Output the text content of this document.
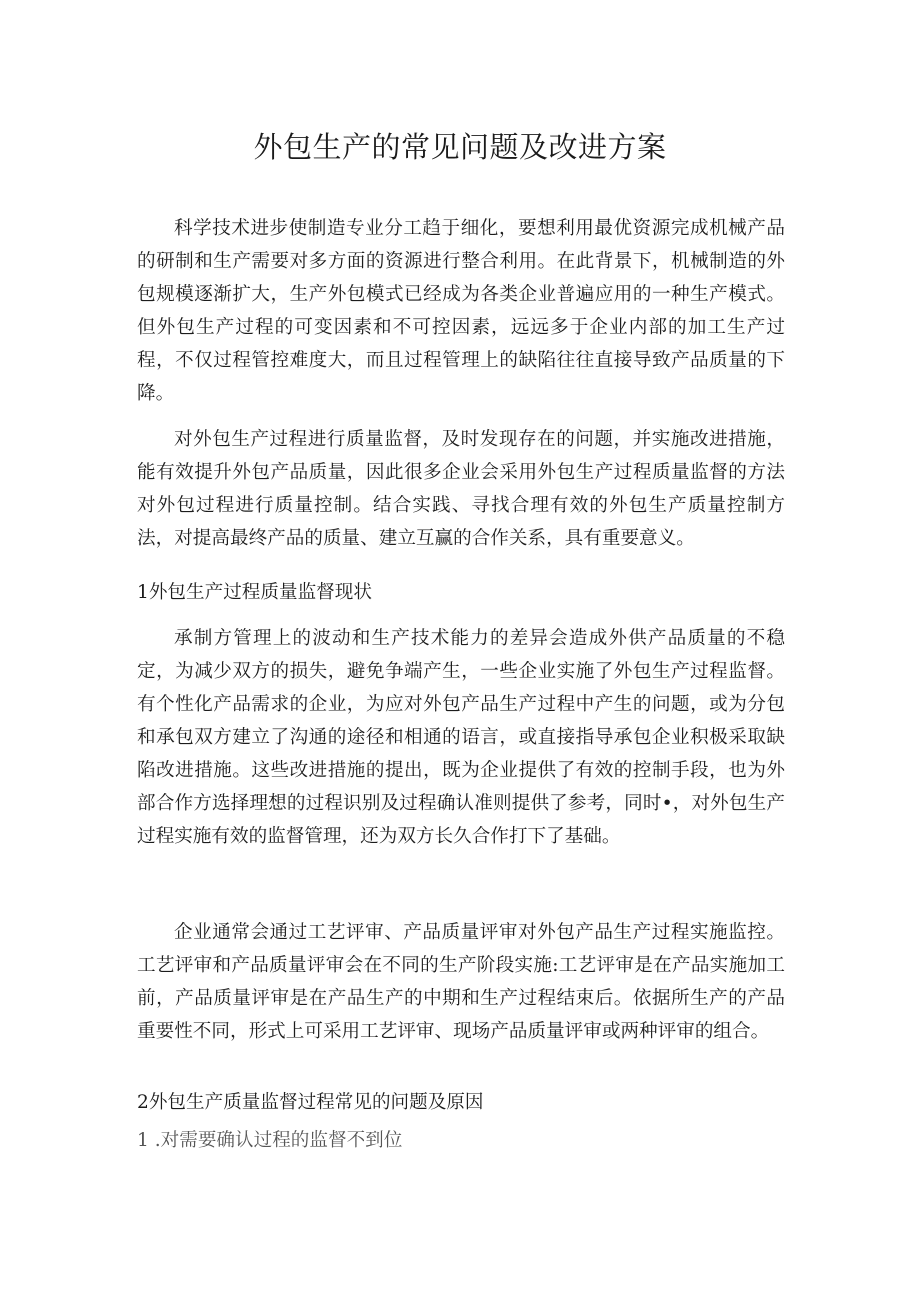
外包生产的常见问题及改进方案

科学技术进步使制造专业分工趋于细化，要想利用最优资源完成机械产品的研制和生产需要对多方面的资源进行整合利用。在此背景下，机械制造的外包规模逐渐扩大，生产外包模式已经成为各类企业普遍应用的一种生产模式。但外包生产过程的可变因素和不可控因素，远远多于企业内部的加工生产过程，不仅过程管控难度大，而且过程管理上的缺陷往往直接导致产品质量的下降。

对外包生产过程进行质量监督，及时发现存在的问题，并实施改进措施，能有效提升外包产品质量，因此很多企业会采用外包生产过程质量监督的方法对外包过程进行质量控制。结合实践、寻找合理有效的外包生产质量控制方法，对提高最终产品的质量、建立互赢的合作关系，具有重要意义。

1外包生产过程质量监督现状

承制方管理上的波动和生产技术能力的差异会造成外供产品质量的不稳定，为减少双方的损失，避免争端产生，一些企业实施了外包生产过程监督。有个性化产品需求的企业，为应对外包产品生产过程中产生的问题，或为分包和承包双方建立了沟通的途径和相通的语言，或直接指导承包企业积极采取缺陷改进措施。这些改进措施的提出，既为企业提供了有效的控制手段，也为外部合作方选择理想的过程识别及过程确认准则提供了参考，同时•，对外包生产过程实施有效的监督管理，还为双方长久合作打下了基础。

企业通常会通过工艺评审、产品质量评审对外包产品生产过程实施监控。工艺评审和产品质量评审会在不同的生产阶段实施:工艺评审是在产品实施加工前，产品质量评审是在产品生产的中期和生产过程结束后。依据所生产的产品重要性不同，形式上可采用工艺评审、现场产品质量评审或两种评审的组合。

2外包生产质量监督过程常见的问题及原因

1 .对需要确认过程的监督不到位
